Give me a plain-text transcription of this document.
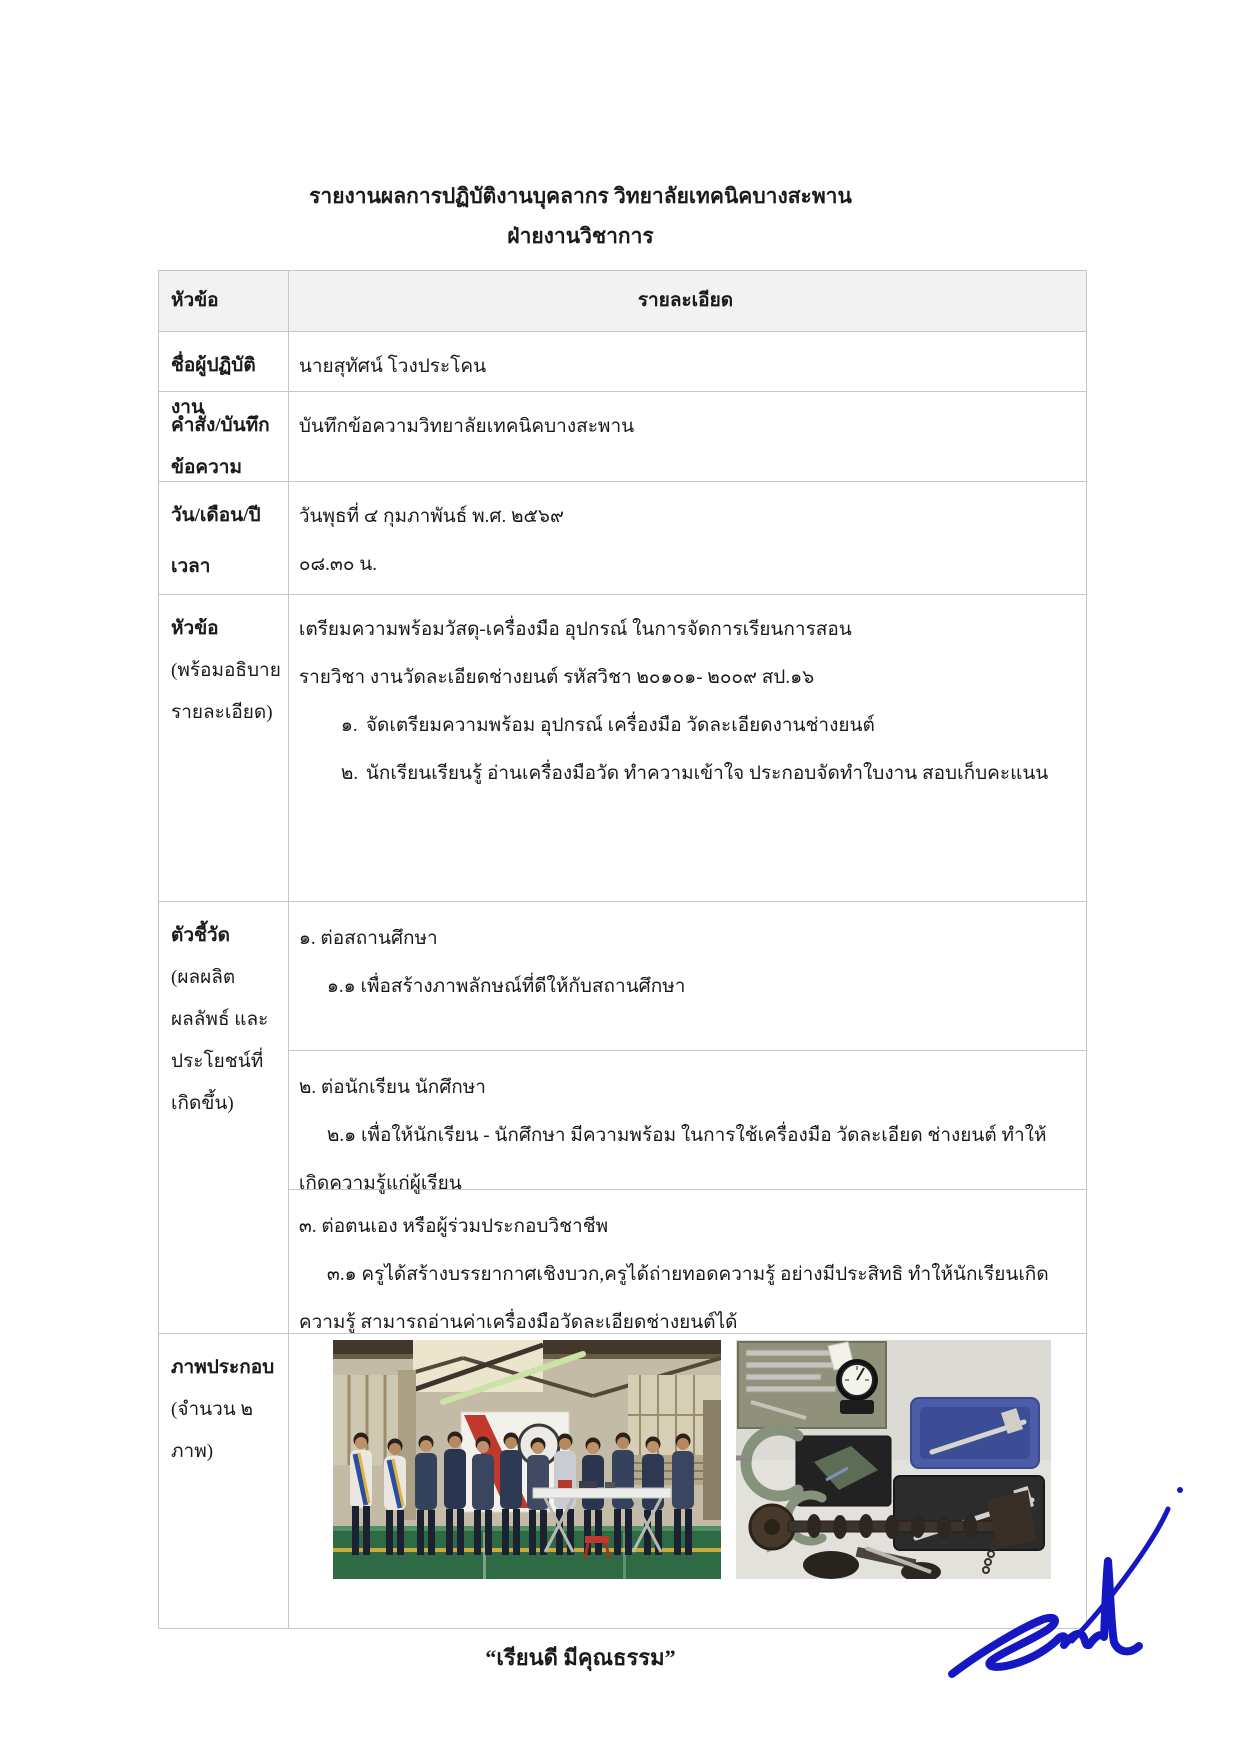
รายงานผลการปฏิบัติงานบุคลากร วิทยาลัยเทคนิคบางสะพาน
ฝ่ายงานวิชาการ
หัวข้อ	รายละเอียด
ชื่อผู้ปฏิบัติงาน
นายสุทัศน์ โวงประโคน
คำสั่ง/บันทึก ข้อความ
บันทึกข้อความวิทยาลัยเทคนิคบางสะพาน
วัน/เดือน/ปี
เวลา
วันพุธที่ ๔ กุมภาพันธ์ พ.ศ. ๒๕๖๙
๐๘.๓๐ น.
หัวข้อ
(พร้อมอธิบาย รายละเอียด)
เตรียมความพร้อมวัสดุ-เครื่องมือ อุปกรณ์ ในการจัดการเรียนการสอน
รายวิชา งานวัดละเอียดช่างยนต์ รหัสวิชา ๒๐๑๐๑- ๒๐๐๙ สป.๑๖
๑. จัดเตรียมความพร้อม อุปกรณ์ เครื่องมือ วัดละเอียดงานช่างยนต์
๒. นักเรียนเรียนรู้ อ่านเครื่องมือวัด ทำความเข้าใจ ประกอบจัดทำใบงาน สอบเก็บคะแนน
ตัวชี้วัด
(ผลผลิต ผลลัพธ์ และ ประโยชน์ที่เกิดขึ้น)
๑. ต่อสถานศึกษา
๑.๑ เพื่อสร้างภาพลักษณ์ที่ดีให้กับสถานศึกษา
๒. ต่อนักเรียน นักศึกษา
๒.๑ เพื่อให้นักเรียน - นักศึกษา มีความพร้อม ในการใช้เครื่องมือ วัดละเอียด ช่างยนต์ ทำให้เกิดความรู้แก่ผู้เรียน
๓. ต่อตนเอง หรือผู้ร่วมประกอบวิชาชีพ
๓.๑ ครูได้สร้างบรรยากาศเชิงบวก,ครูได้ถ่ายทอดความรู้ อย่างมีประสิทธิ ทำให้นักเรียนเกิดความรู้ สามารถอ่านค่าเครื่องมือวัดละเอียดช่างยนต์ได้
ภาพประกอบ
(จำนวน ๒ ภาพ)
“เรียนดี มีคุณธรรม”
